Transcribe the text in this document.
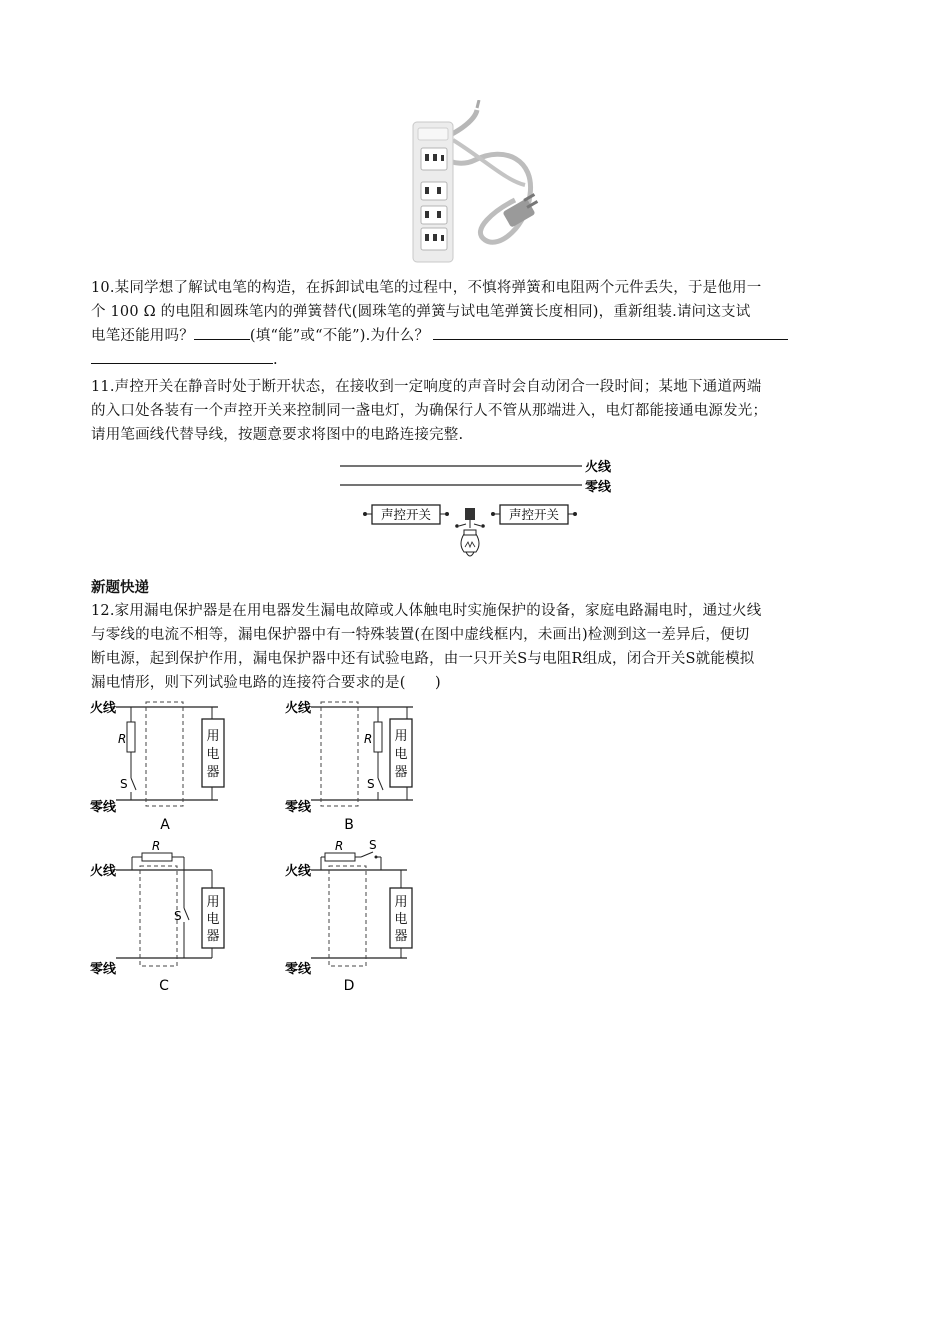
10.某同学想了解试电笔的构造，在拆卸试电笔的过程中，不慎将弹簧和电阻两个元件丢失，于是他用一
个 100 Ω 的电阻和圆珠笔内的弹簧替代(圆珠笔的弹簧与试电笔弹簧长度相同)，重新组装.请问这支试
电笔还能用吗？	(填“能”或“不能”).为什么？
.
11.声控开关在静音时处于断开状态，在接收到一定响度的声音时会自动闭合一段时间；某地下通道两端
的入口处各装有一个声控开关来控制同一盏电灯，为确保行人不管从那端进入，电灯都能接通电源发光；
请用笔画线代替导线，按题意要求将图中的电路连接完整.
火线
零线
声控开关	声控开关
新题快递
12.家用漏电保护器是在用电器发生漏电故障或人体触电时实施保护的设备，家庭电路漏电时，通过火线
与零线的电流不相等，漏电保护器中有一特殊装置(在图中虚线框内，未画出)检测到这一差异后，便切
断电源，起到保护作用，漏电保护器中还有试验电路，由一只开关S与电阻R组成，闭合开关S就能模拟
漏电情形，则下列试验电路的连接符合要求的是(　　)
火线
零线
R
S
用
电
器
A
火线
零线
R
S
用
电
器
B
火线
零线
R
S
用
电
器
C
火线
零线
R S
用
电
器
D
